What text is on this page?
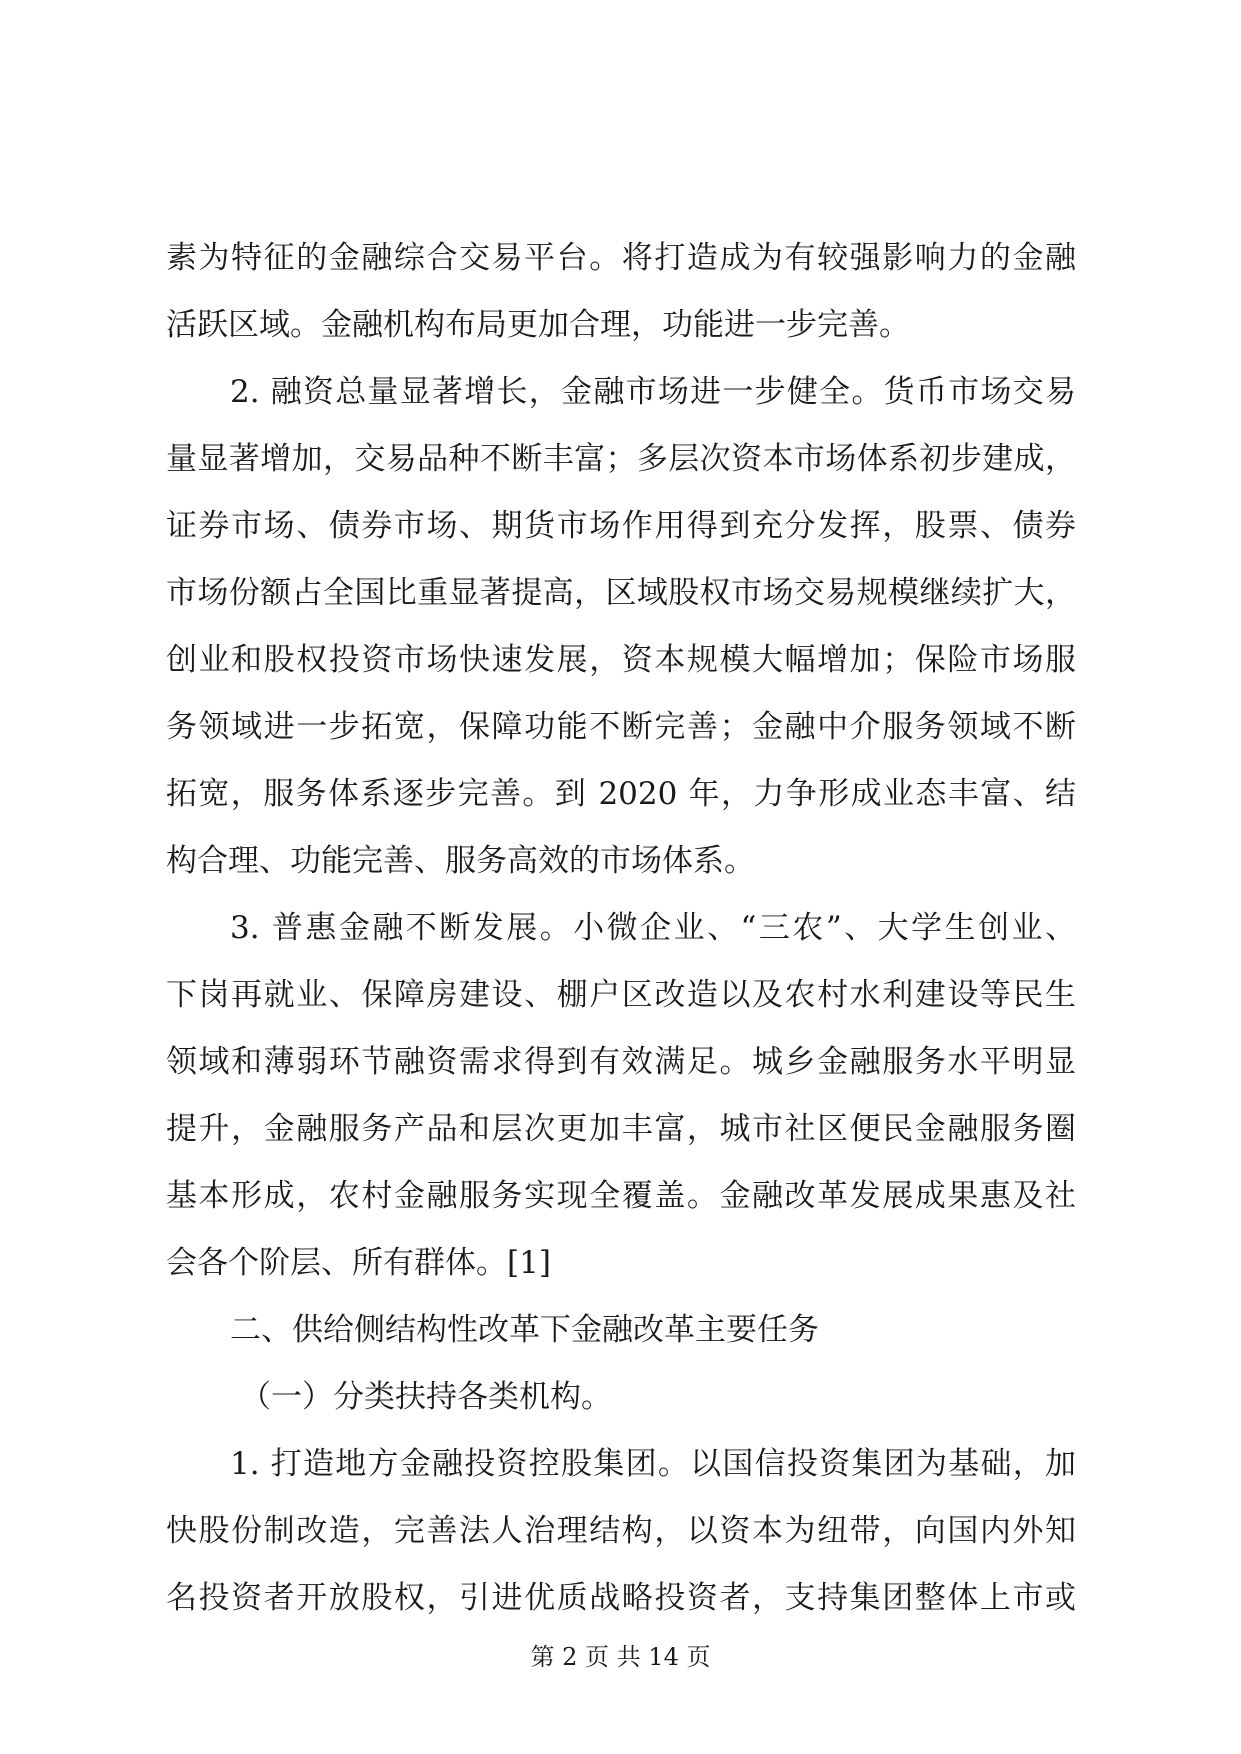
素为特征的金融综合交易平台。将打造成为有较强影响力的金融
活跃区域。金融机构布局更加合理，功能进一步完善。
2. 融资总量显著增长，金融市场进一步健全。货币市场交易
量显著增加，交易品种不断丰富；多层次资本市场体系初步建成，
证券市场、债券市场、期货市场作用得到充分发挥，股票、债券
市场份额占全国比重显著提高，区域股权市场交易规模继续扩大，
创业和股权投资市场快速发展，资本规模大幅增加；保险市场服
务领域进一步拓宽，保障功能不断完善；金融中介服务领域不断
拓宽，服务体系逐步完善。到 2020 年，力争形成业态丰富、结
构合理、功能完善、服务高效的市场体系。
3. 普惠金融不断发展。小微企业、“三农”、大学生创业、
下岗再就业、保障房建设、棚户区改造以及农村水利建设等民生
领域和薄弱环节融资需求得到有效满足。城乡金融服务水平明显
提升，金融服务产品和层次更加丰富，城市社区便民金融服务圈
基本形成，农村金融服务实现全覆盖。金融改革发展成果惠及社
会各个阶层、所有群体。[1]
二、供给侧结构性改革下金融改革主要任务
（一）分类扶持各类机构。
1. 打造地方金融投资控股集团。以国信投资集团为基础，加
快股份制改造，完善法人治理结构，以资本为纽带，向国内外知
名投资者开放股权，引进优质战略投资者，支持集团整体上市或
第 2 页 共 14 页
